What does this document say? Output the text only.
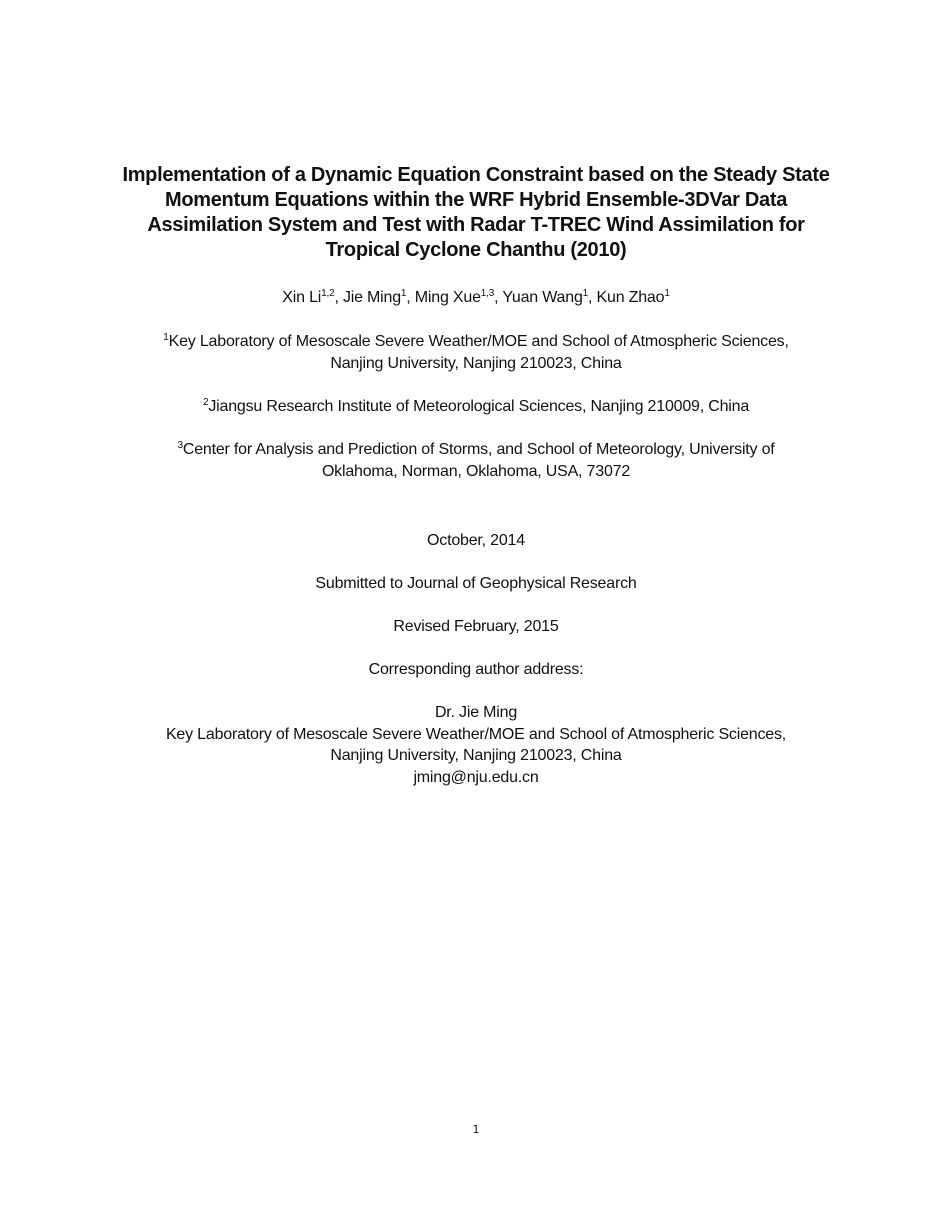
Implementation of a Dynamic Equation Constraint based on the Steady State
Momentum Equations within the WRF Hybrid Ensemble-3DVar Data
Assimilation System and Test with Radar T-TREC Wind Assimilation for
Tropical Cyclone Chanthu (2010)
Xin Li$^{1,2}$, Jie Ming$^1$, Ming Xue$^{1,3}$, Yuan Wang$^1$, Kun Zhao$^1$
$^1$Key Laboratory of Mesoscale Severe Weather/MOE and School of Atmospheric Sciences,
Nanjing University, Nanjing 210023, China
$^2$Jiangsu Research Institute of Meteorological Sciences, Nanjing 210009, China
$^3$Center for Analysis and Prediction of Storms, and School of Meteorology, University of
Oklahoma, Norman, Oklahoma, USA, 73072
October, 2014
Submitted to Journal of Geophysical Research
Revised February, 2015
Corresponding author address:
Dr. Jie Ming
Key Laboratory of Mesoscale Severe Weather/MOE and School of Atmospheric Sciences,
Nanjing University, Nanjing 210023, China
jming@nju.edu.cn
1
